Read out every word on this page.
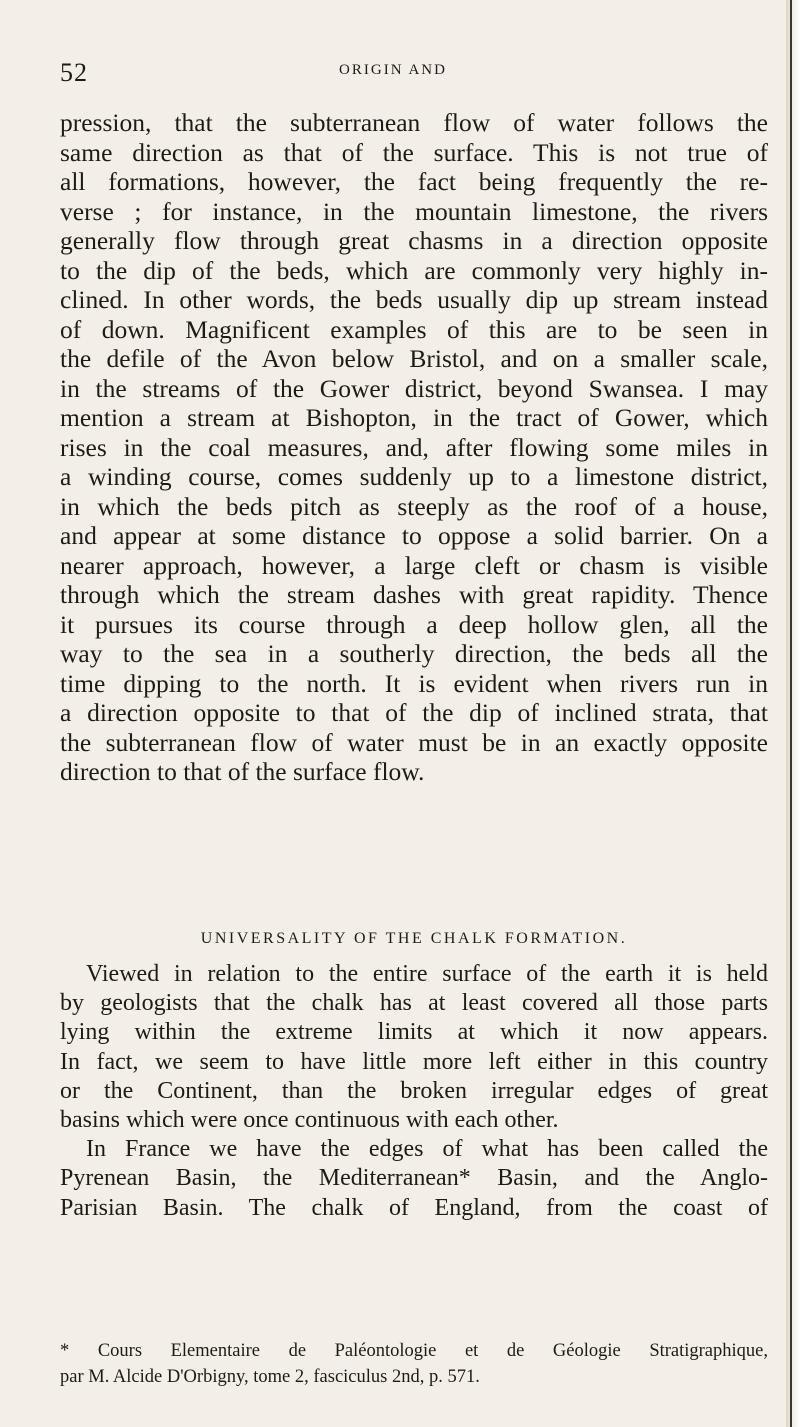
52	ORIGIN AND
pression, that the subterranean flow of water follows the
same direction as that of the surface. This is not true of
all formations, however, the fact being frequently the re-
verse ; for instance, in the mountain limestone, the rivers
generally flow through great chasms in a direction opposite
to the dip of the beds, which are commonly very highly in-
clined. In other words, the beds usually dip up stream instead
of down. Magnificent examples of this are to be seen in
the defile of the Avon below Bristol, and on a smaller scale,
in the streams of the Gower district, beyond Swansea. I may
mention a stream at Bishopton, in the tract of Gower, which
rises in the coal measures, and, after flowing some miles in
a winding course, comes suddenly up to a limestone district,
in which the beds pitch as steeply as the roof of a house,
and appear at some distance to oppose a solid barrier. On a
nearer approach, however, a large cleft or chasm is visible
through which the stream dashes with great rapidity. Thence
it pursues its course through a deep hollow glen, all the
way to the sea in a southerly direction, the beds all the
time dipping to the north. It is evident when rivers run in
a direction opposite to that of the dip of inclined strata, that
the subterranean flow of water must be in an exactly opposite
direction to that of the surface flow.
UNIVERSALITY OF THE CHALK FORMATION.
Viewed in relation to the entire surface of the earth it is held
by geologists that the chalk has at least covered all those parts
lying within the extreme limits at which it now appears.
In fact, we seem to have little more left either in this country
or the Continent, than the broken irregular edges of great
basins which were once continuous with each other.
In France we have the edges of what has been called the
Pyrenean Basin, the Mediterranean* Basin, and the Anglo-
Parisian Basin. The chalk of England, from the coast of
* Cours Elementaire de Paléontologie et de Géologie Stratigraphique,
par M. Alcide D'Orbigny, tome 2, fasciculus 2nd, p. 571.
